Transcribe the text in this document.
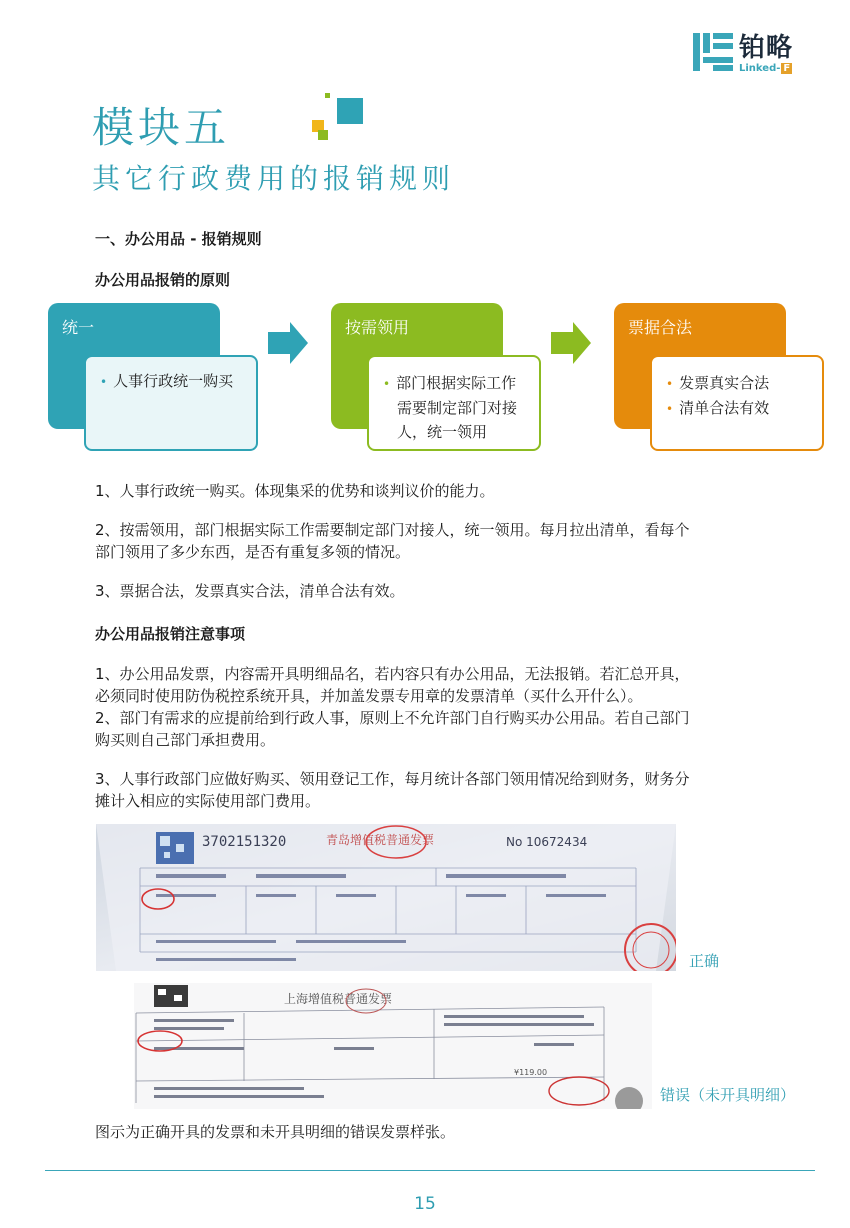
铂略
Linked- F
模块五
其它行政费用的报销规则
一、办公用品 - 报销规则
办公用品报销的原则
统一
• 人事行政统一购买
按需领用
• 部门根据实际工作
需要制定部门对接
人，统一领用
票据合法
• 发票真实合法
• 清单合法有效

1、人事行政统一购买。体现集采的优势和谈判议价的能力。

2、按需领用，部门根据实际工作需要制定部门对接人，统一领用。每月拉出清单，看每个

部门领用了多少东西，是否有重复多领的情况。

3、票据合法，发票真实合法，清单合法有效。

办公用品报销注意事项

1、办公用品发票，内容需开具明细品名，若内容只有办公用品，无法报销。若汇总开具，

必须同时使用防伪税控系统开具，并加盖发票专用章的发票清单（买什么开什么）。

2、部门有需求的应提前给到行政人事，原则上不允许部门自行购买办公用品。若自己部门

购买则自己部门承担费用。

3、人事行政部门应做好购买、领用登记工作，每月统计各部门领用情况给到财务，财务分

摊计入相应的实际使用部门费用。

3702151320	青岛增值税普通发票	No 10672434
正确
上海增值税普通发票
¥119.00
错误（未开具明细）

图示为正确开具的发票和未开具明细的错误发票样张。

15
